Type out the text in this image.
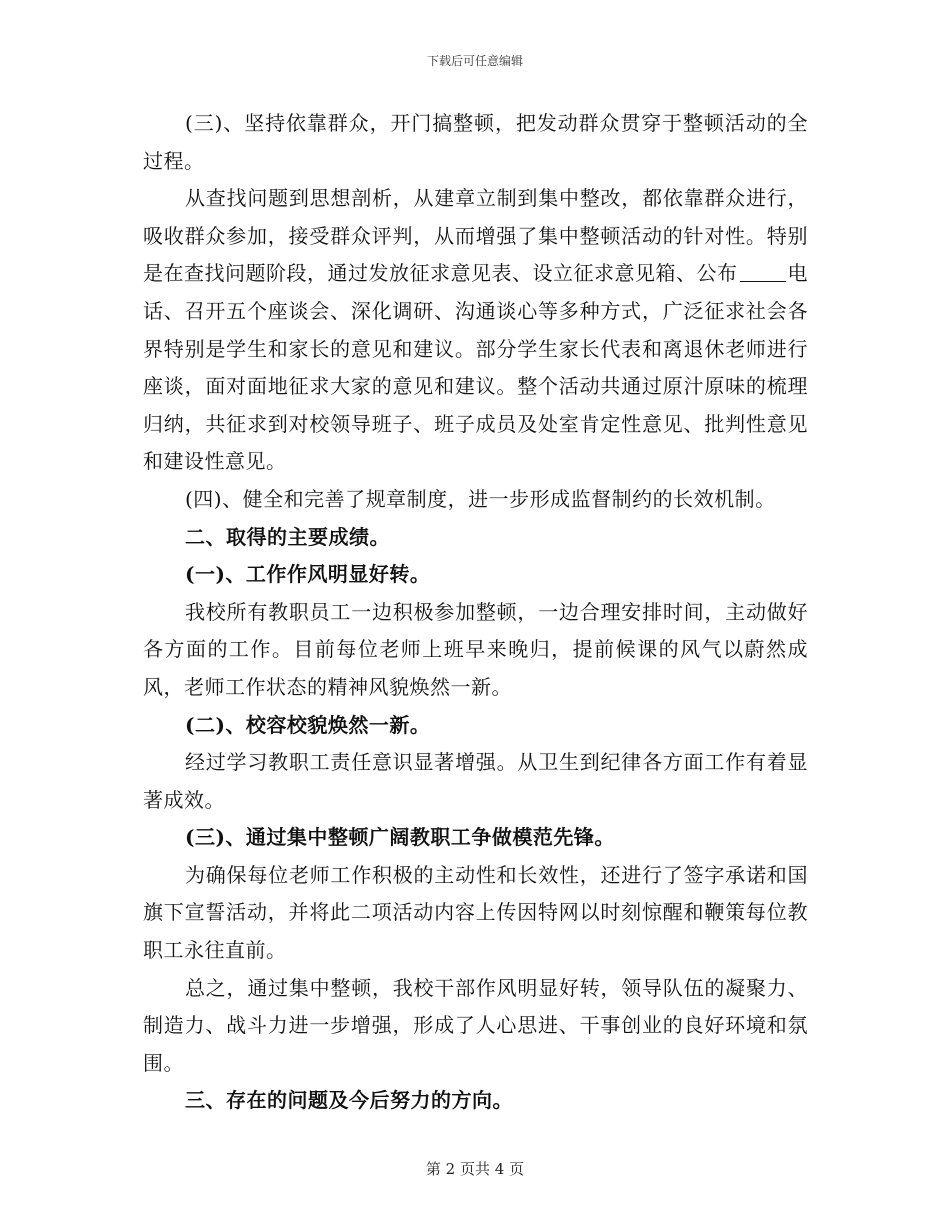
下载后可任意编辑

(三)、坚持依靠群众，开门搞整顿，把发动群众贯穿于整顿活动的全过程。

从查找问题到思想剖析，从建章立制到集中整改，都依靠群众进行，吸收群众参加，接受群众评判，从而增强了集中整顿活动的针对性。特别是在查找问题阶段，通过发放征求意见表、设立征求意见箱、公布	电话、召开五个座谈会、深化调研、沟通谈心等多种方式，广泛征求社会各界特别是学生和家长的意见和建议。部分学生家长代表和离退休老师进行座谈，面对面地征求大家的意见和建议。整个活动共通过原汁原味的梳理归纳，共征求到对校领导班子、班子成员及处室肯定性意见、批判性意见和建设性意见。

(四)、健全和完善了规章制度，进一步形成监督制约的长效机制。

二、取得的主要成绩。

(一)、工作作风明显好转。

我校所有教职员工一边积极参加整顿，一边合理安排时间，主动做好各方面的工作。目前每位老师上班早来晚归，提前候课的风气以蔚然成风，老师工作状态的精神风貌焕然一新。

(二)、校容校貌焕然一新。

经过学习教职工责任意识显著增强。从卫生到纪律各方面工作有着显著成效。

(三)、通过集中整顿广阔教职工争做模范先锋。

为确保每位老师工作积极的主动性和长效性，还进行了签字承诺和国旗下宣誓活动，并将此二项活动内容上传因特网以时刻惊醒和鞭策每位教职工永往直前。

总之，通过集中整顿，我校干部作风明显好转，领导队伍的凝聚力、制造力、战斗力进一步增强，形成了人心思进、干事创业的良好环境和氛围。

三、存在的问题及今后努力的方向。

第 2 页共 4 页
